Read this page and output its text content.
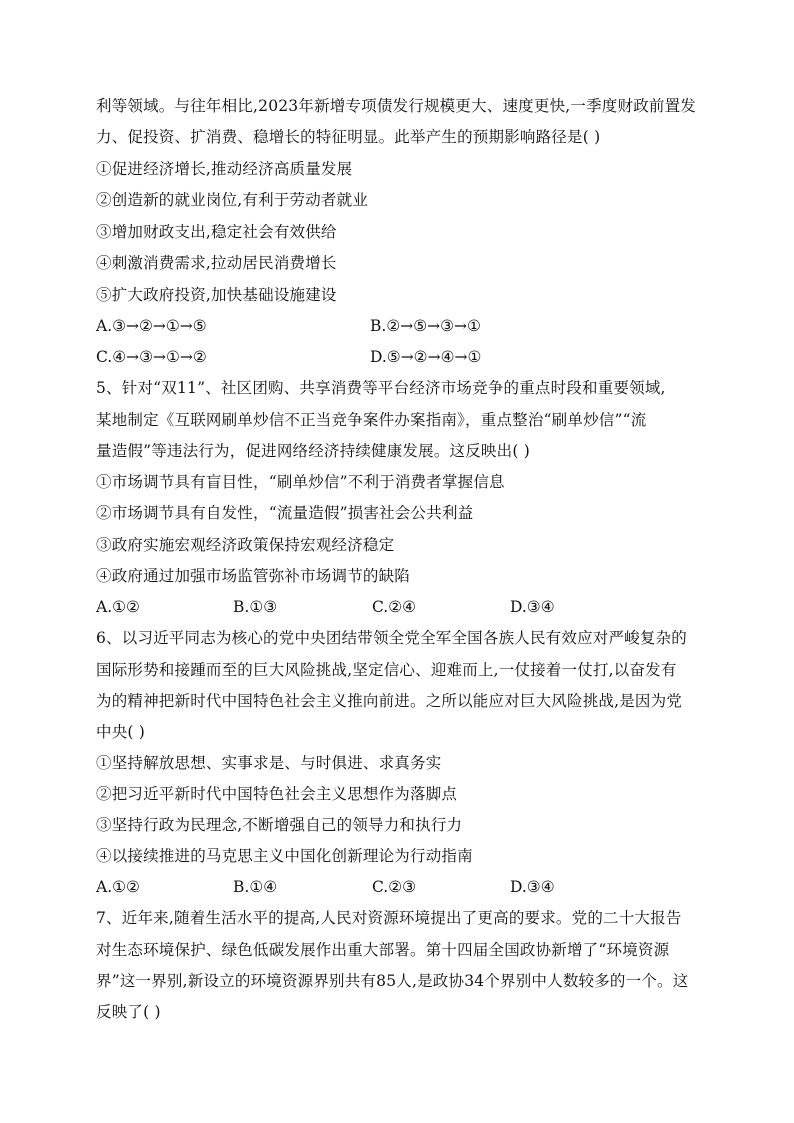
利等领域。与往年相比,2023年新增专项债发行规模更大、速度更快,一季度财政前置发
力、促投资、扩消费、稳增长的特征明显。此举产生的预期影响路径是( )
①促进经济增长,推动经济高质量发展
②创造新的就业岗位,有利于劳动者就业
③增加财政支出,稳定社会有效供给
④刺激消费需求,拉动居民消费增长
⑤扩大政府投资,加快基础设施建设
A.③→②→①→⑤	B.②→⑤→③→①
C.④→③→①→②	D.⑤→②→④→①
5、针对“双11”、社区团购、共享消费等平台经济市场竞争的重点时段和重要领域,
某地制定《互联网刷单炒信不正当竞争案件办案指南》，重点整治“刷单炒信”“流
量造假”等违法行为，促进网络经济持续健康发展。这反映出( )
①市场调节具有盲目性，“刷单炒信”不利于消费者掌握信息
②市场调节具有自发性，“流量造假”损害社会公共利益
③政府实施宏观经济政策保持宏观经济稳定
④政府通过加强市场监管弥补市场调节的缺陷
A.①②	B.①③	C.②④	D.③④
6、以习近平同志为核心的党中央团结带领全党全军全国各族人民有效应对严峻复杂的
国际形势和接踵而至的巨大风险挑战,坚定信心、迎难而上,一仗接着一仗打,以奋发有
为的精神把新时代中国特色社会主义推向前进。之所以能应对巨大风险挑战,是因为党
中央( )
①坚持解放思想、实事求是、与时俱进、求真务实
②把习近平新时代中国特色社会主义思想作为落脚点
③坚持行政为民理念,不断增强自己的领导力和执行力
④以接续推进的马克思主义中国化创新理论为行动指南
A.①②	B.①④	C.②③	D.③④
7、近年来,随着生活水平的提高,人民对资源环境提出了更高的要求。党的二十大报告
对生态环境保护、绿色低碳发展作出重大部署。第十四届全国政协新增了“环境资源
界”这一界别,新设立的环境资源界别共有85人,是政协34个界别中人数较多的一个。这
反映了( )
